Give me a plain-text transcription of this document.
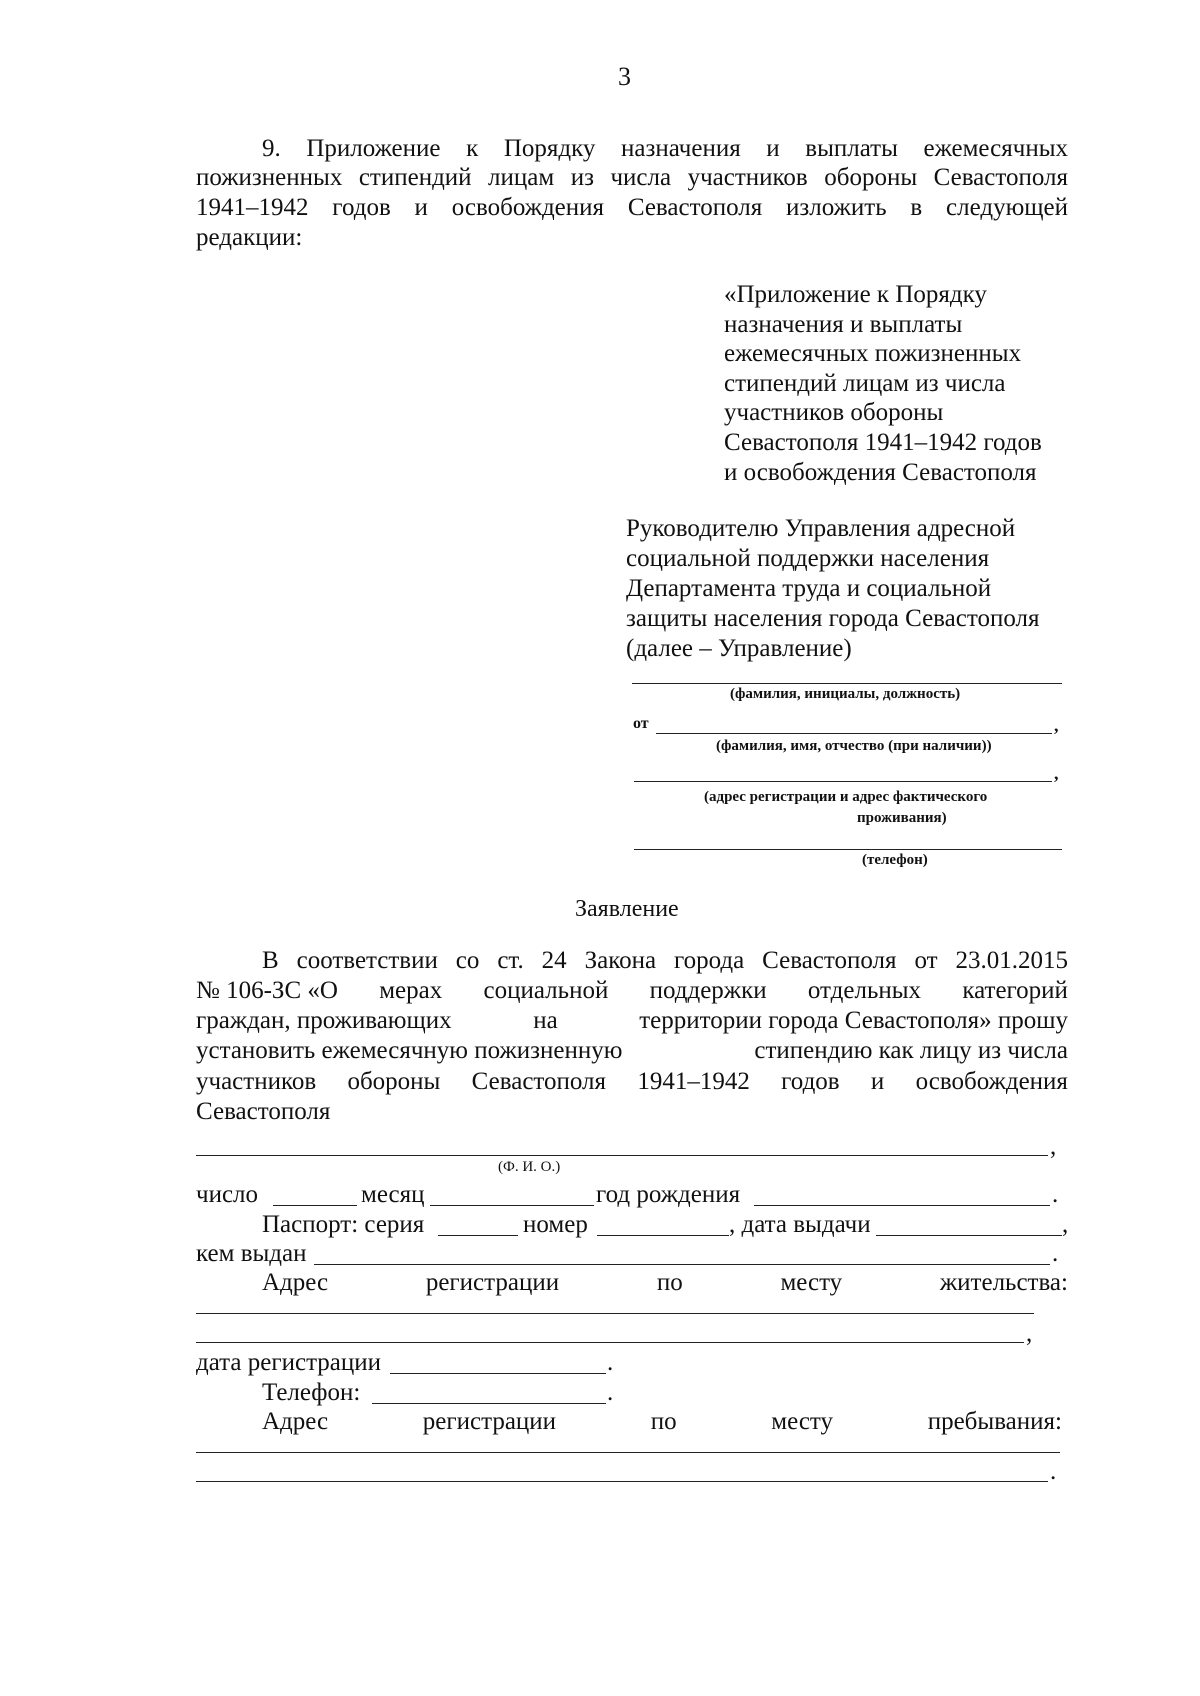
3
9. Приложение к Порядку назначения и выплаты ежемесячных
пожизненных стипендий лицам из числа участников обороны Севастополя
1941–1942 годов и освобождения Севастополя изложить в следующей
редакции:
«Приложение к Порядку
назначения и выплаты
ежемесячных пожизненных
стипендий лицам из числа
участников обороны
Севастополя 1941–1942 годов
и освобождения Севастополя
Руководителю Управления адресной
социальной поддержки населения
Департамента труда и социальной
защиты населения города Севастополя
(далее – Управление)
(фамилия, инициалы, должность)
от	,
(фамилия, имя, отчество (при наличии))
,
(адрес регистрации и адрес фактического
проживания)
(телефон)
Заявление
В соответствии со ст. 24 Закона города Севастополя от 23.01.2015
№ 106-ЗС «О мерах социальной поддержки отдельных категорий
граждан, проживающих	на	территории города Севастополя» прошу
установить ежемесячную пожизненную	стипендию как лицу из числа
участников обороны Севастополя 1941–1942 годов и освобождения
Севастополя
,
(Ф. И. О.)
число	месяц	год рождения	.
Паспорт: серия	номер	, дата выдачи	,
кем выдан	.
Адрес	регистрации	по	месту	жительства:
,
дата регистрации	.
Телефон:	.
Адрес	регистрации	по	месту	пребывания:
.
